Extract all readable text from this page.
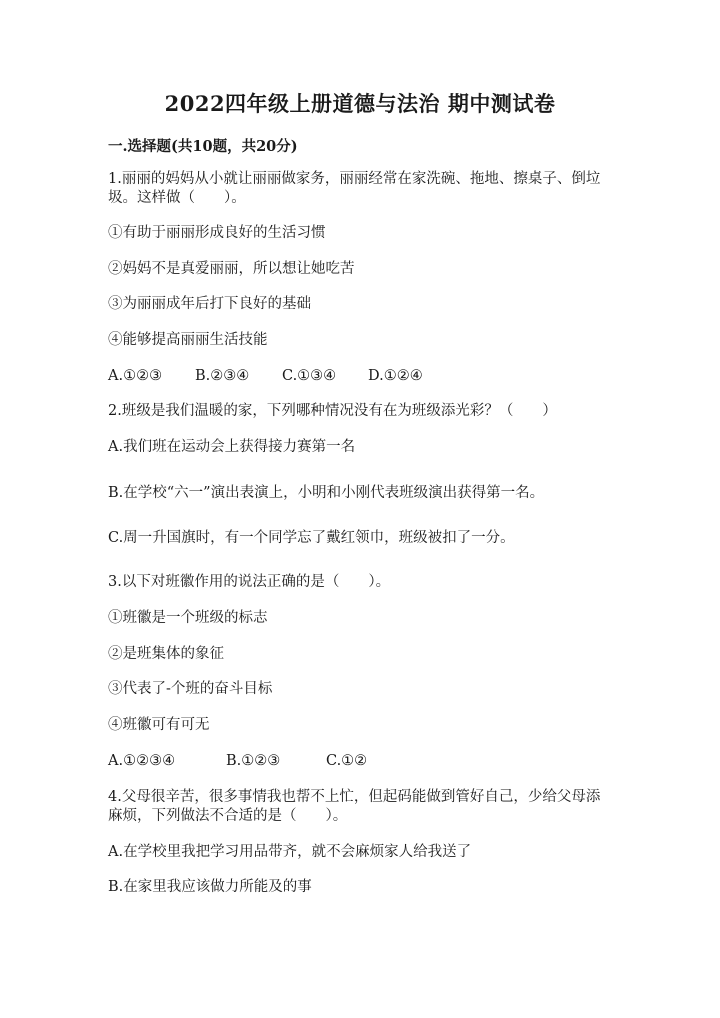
2022四年级上册道德与法治 期中测试卷
一.选择题(共10题，共20分)
1.丽丽的妈妈从小就让丽丽做家务，丽丽经常在家洗碗、拖地、擦桌子、倒垃
圾。这样做（　　）。
①有助于丽丽形成良好的生活习惯
②妈妈不是真爱丽丽，所以想让她吃苦
③为丽丽成年后打下良好的基础
④能够提高丽丽生活技能
A.①②③ B.②③④ C.①③④ D.①②④
2.班级是我们温暖的家，下列哪种情况没有在为班级添光彩？（　　）
A.我们班在运动会上获得接力赛第一名
B.在学校“六一”演出表演上，小明和小刚代表班级演出获得第一名。
C.周一升国旗时，有一个同学忘了戴红领巾，班级被扣了一分。
3.以下对班徽作用的说法正确的是（　　）。
①班徽是一个班级的标志
②是班集体的象征
③代表了-个班的奋斗目标
④班徽可有可无
A.①②③④	B.①②③	C.①②
4.父母很辛苦，很多事情我也帮不上忙，但起码能做到管好自己，少给父母添
麻烦，下列做法不合适的是（　　）。
A.在学校里我把学习用品带齐，就不会麻烦家人给我送了
B.在家里我应该做力所能及的事
